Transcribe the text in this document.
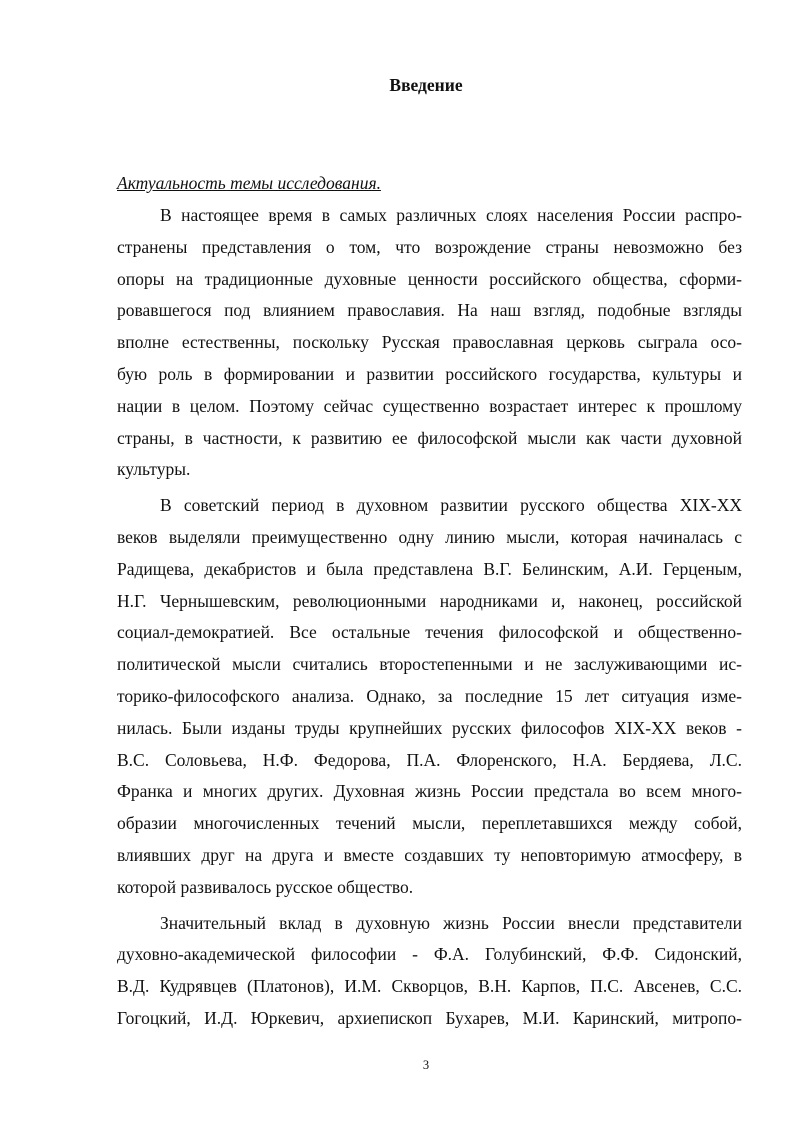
Введение
Актуальность темы исследования.
В настоящее время в самых различных слоях населения России распро-
странены представления о том, что возрождение страны невозможно без
опоры на традиционные духовные ценности российского общества, сформи-
ровавшегося под влиянием православия. На наш взгляд, подобные взгляды
вполне естественны, поскольку Русская православная церковь сыграла осо-
бую роль в формировании и развитии российского государства, культуры и
нации в целом. Поэтому сейчас существенно возрастает интерес к прошлому
страны, в частности, к развитию ее философской мысли как части духовной
культуры.
В советский период в духовном развитии русского общества XIX-XX
веков выделяли преимущественно одну линию мысли, которая начиналась с
Радищева, декабристов и была представлена В.Г. Белинским, А.И. Герценым,
Н.Г. Чернышевским, революционными народниками и, наконец, российской
социал-демократией. Все остальные течения философской и общественно-
политической мысли считались второстепенными и не заслуживающими ис-
торико-философского анализа. Однако, за последние 15 лет ситуация изме-
нилась. Были изданы труды крупнейших русских философов XIX-XX веков -
В.С. Соловьева, Н.Ф. Федорова, П.А. Флоренского, Н.А. Бердяева, Л.С.
Франка и многих других. Духовная жизнь России предстала во всем много-
образии многочисленных течений мысли, переплетавшихся между собой,
влиявших друг на друга и вместе создавших ту неповторимую атмосферу, в
которой развивалось русское общество.
Значительный вклад в духовную жизнь России внесли представители
духовно-академической философии - Ф.А. Голубинский, Ф.Ф. Сидонский,
В.Д. Кудрявцев (Платонов), И.М. Скворцов, В.Н. Карпов, П.С. Авсенев, С.С.
Гогоцкий, И.Д. Юркевич, архиепископ Бухарев, М.И. Каринский, митропо-
3
